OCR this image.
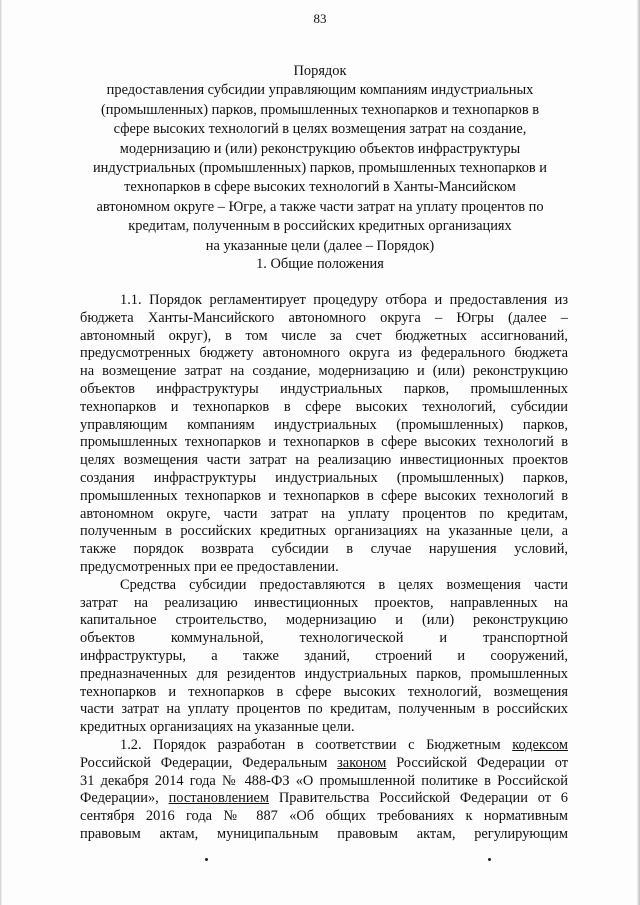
83
Порядок
предоставления субсидии управляющим компаниям индустриальных
(промышленных) парков, промышленных технопарков и технопарков в
сфере высоких технологий в целях возмещения затрат на создание,
модернизацию и (или) реконструкцию объектов инфраструктуры
индустриальных (промышленных) парков, промышленных технопарков и
технопарков в сфере высоких технологий в Ханты-Мансийском
автономном округе – Югре, а также части затрат на уплату процентов по
кредитам, полученным в российских кредитных организациях
на указанные цели (далее – Порядок)
1. Общие положения
1.1. Порядок регламентирует процедуру отбора и предоставления из
бюджета Ханты-Мансийского автономного округа – Югры (далее –
автономный округ), в том числе за счет бюджетных ассигнований,
предусмотренных бюджету автономного округа из федерального бюджета
на возмещение затрат на создание, модернизацию и (или) реконструкцию
объектов инфраструктуры индустриальных парков, промышленных
технопарков и технопарков в сфере высоких технологий, субсидии
управляющим компаниям индустриальных (промышленных) парков,
промышленных технопарков и технопарков в сфере высоких технологий в
целях возмещения части затрат на реализацию инвестиционных проектов
создания инфраструктуры индустриальных (промышленных) парков,
промышленных технопарков и технопарков в сфере высоких технологий в
автономном округе, части затрат на уплату процентов по кредитам,
полученным в российских кредитных организациях на указанные цели, а
также порядок возврата субсидии в случае нарушения условий,
предусмотренных при ее предоставлении.
Средства субсидии предоставляются в целях возмещения части
затрат на реализацию инвестиционных проектов, направленных на
капитальное строительство, модернизацию и (или) реконструкцию
объектов коммунальной, технологической и транспортной
инфраструктуры, а также зданий, строений и сооружений,
предназначенных для резидентов индустриальных парков, промышленных
технопарков и технопарков в сфере высоких технологий, возмещения
части затрат на уплату процентов по кредитам, полученным в российских
кредитных организациях на указанные цели.
1.2. Порядок разработан в соответствии с Бюджетным кодексом
Российской Федерации, Федеральным законом Российской Федерации от
31 декабря 2014 года № 488-ФЗ «О промышленной политике в Российской
Федерации», постановлением Правительства Российской Федерации от 6
сентября 2016 года № 887 «Об общих требованиях к нормативным
правовым актам, муниципальным правовым актам, регулирующим
